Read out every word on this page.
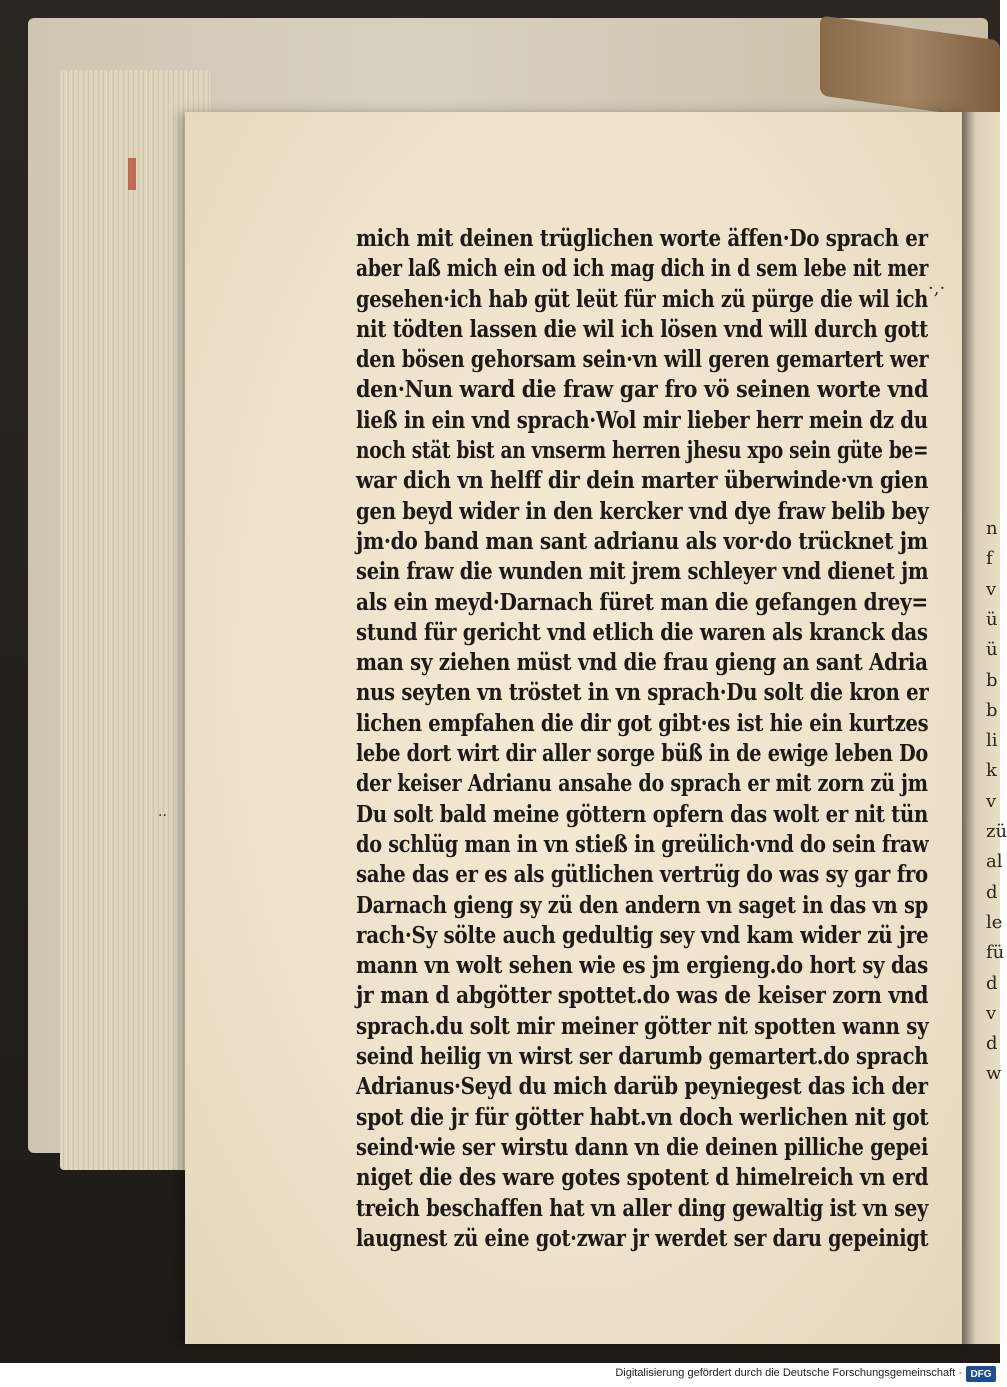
n
f
v
ü
ü
b
b
li
k
v
zü
al
d
le
fü
d
v
d
w
mich mit deinen trüglichen worte äffen·Do sprach er
aber laß mich ein od ich mag dich in d sem lebe nit mer
gesehen·ich hab güt leüt für mich zü pürge die wil ich
nit tödten lassen die wil ich lösen vnd will durch gott
den bösen gehorsam sein·vn will geren gemartert wer
den·Nun ward die fraw gar fro vö seinen worte vnd
ließ in ein vnd sprach·Wol mir lieber herr mein dz du
noch stät bist an vnserm herren jhesu xpo sein güte be=
war dich vn helff dir dein marter überwinde·vn gien
gen beyd wider in den kercker vnd dye fraw belib bey
jm·do band man sant adrianu als vor·do trücknet jm
sein fraw die wunden mit jrem schleyer vnd dienet jm
als ein meyd·Darnach füret man die gefangen drey=
stund für gericht vnd etlich die waren als kranck das
man sy ziehen müst vnd die frau gieng an sant Adria
nus seyten vn tröstet in vn sprach·Du solt die kron er
lichen empfahen die dir got gibt·es ist hie ein kurtzes
lebe dort wirt dir aller sorge büß in de ewige leben Do
der keiser Adrianu ansahe do sprach er mit zorn zü jm
Du solt bald meine göttern opfern das wolt er nit tün
do schlüg man in vn stieß in greülich·vnd do sein fraw
sahe das er es als gütlichen vertrüg do was sy gar fro
Darnach gieng sy zü den andern vn saget in das vn sp
rach·Sy sölte auch gedultig sey vnd kam wider zü jre
mann vn wolt sehen wie es jm ergieng.do hort sy das
jr man d abgötter spottet.do was de keiser zorn vnd
sprach.du solt mir meiner götter nit spotten wann sy
seind heilig vn wirst ser darumb gemartert.do sprach
Adrianus·Seyd du mich darüb peyniegest das ich der
spot die jr für götter habt.vn doch werlichen nit got
seind·wie ser wirstu dann vn die deinen pilliche gepei
niget die des ware gotes spotent d himelreich vn erd
treich beschaffen hat vn aller ding gewaltig ist vn sey
laugnest zü eine got·zwar jr werdet ser daru gepeinigt
·,·
··
Digitalisierung gefördert durch die Deutsche Forschungsgemeinschaft · DFG
